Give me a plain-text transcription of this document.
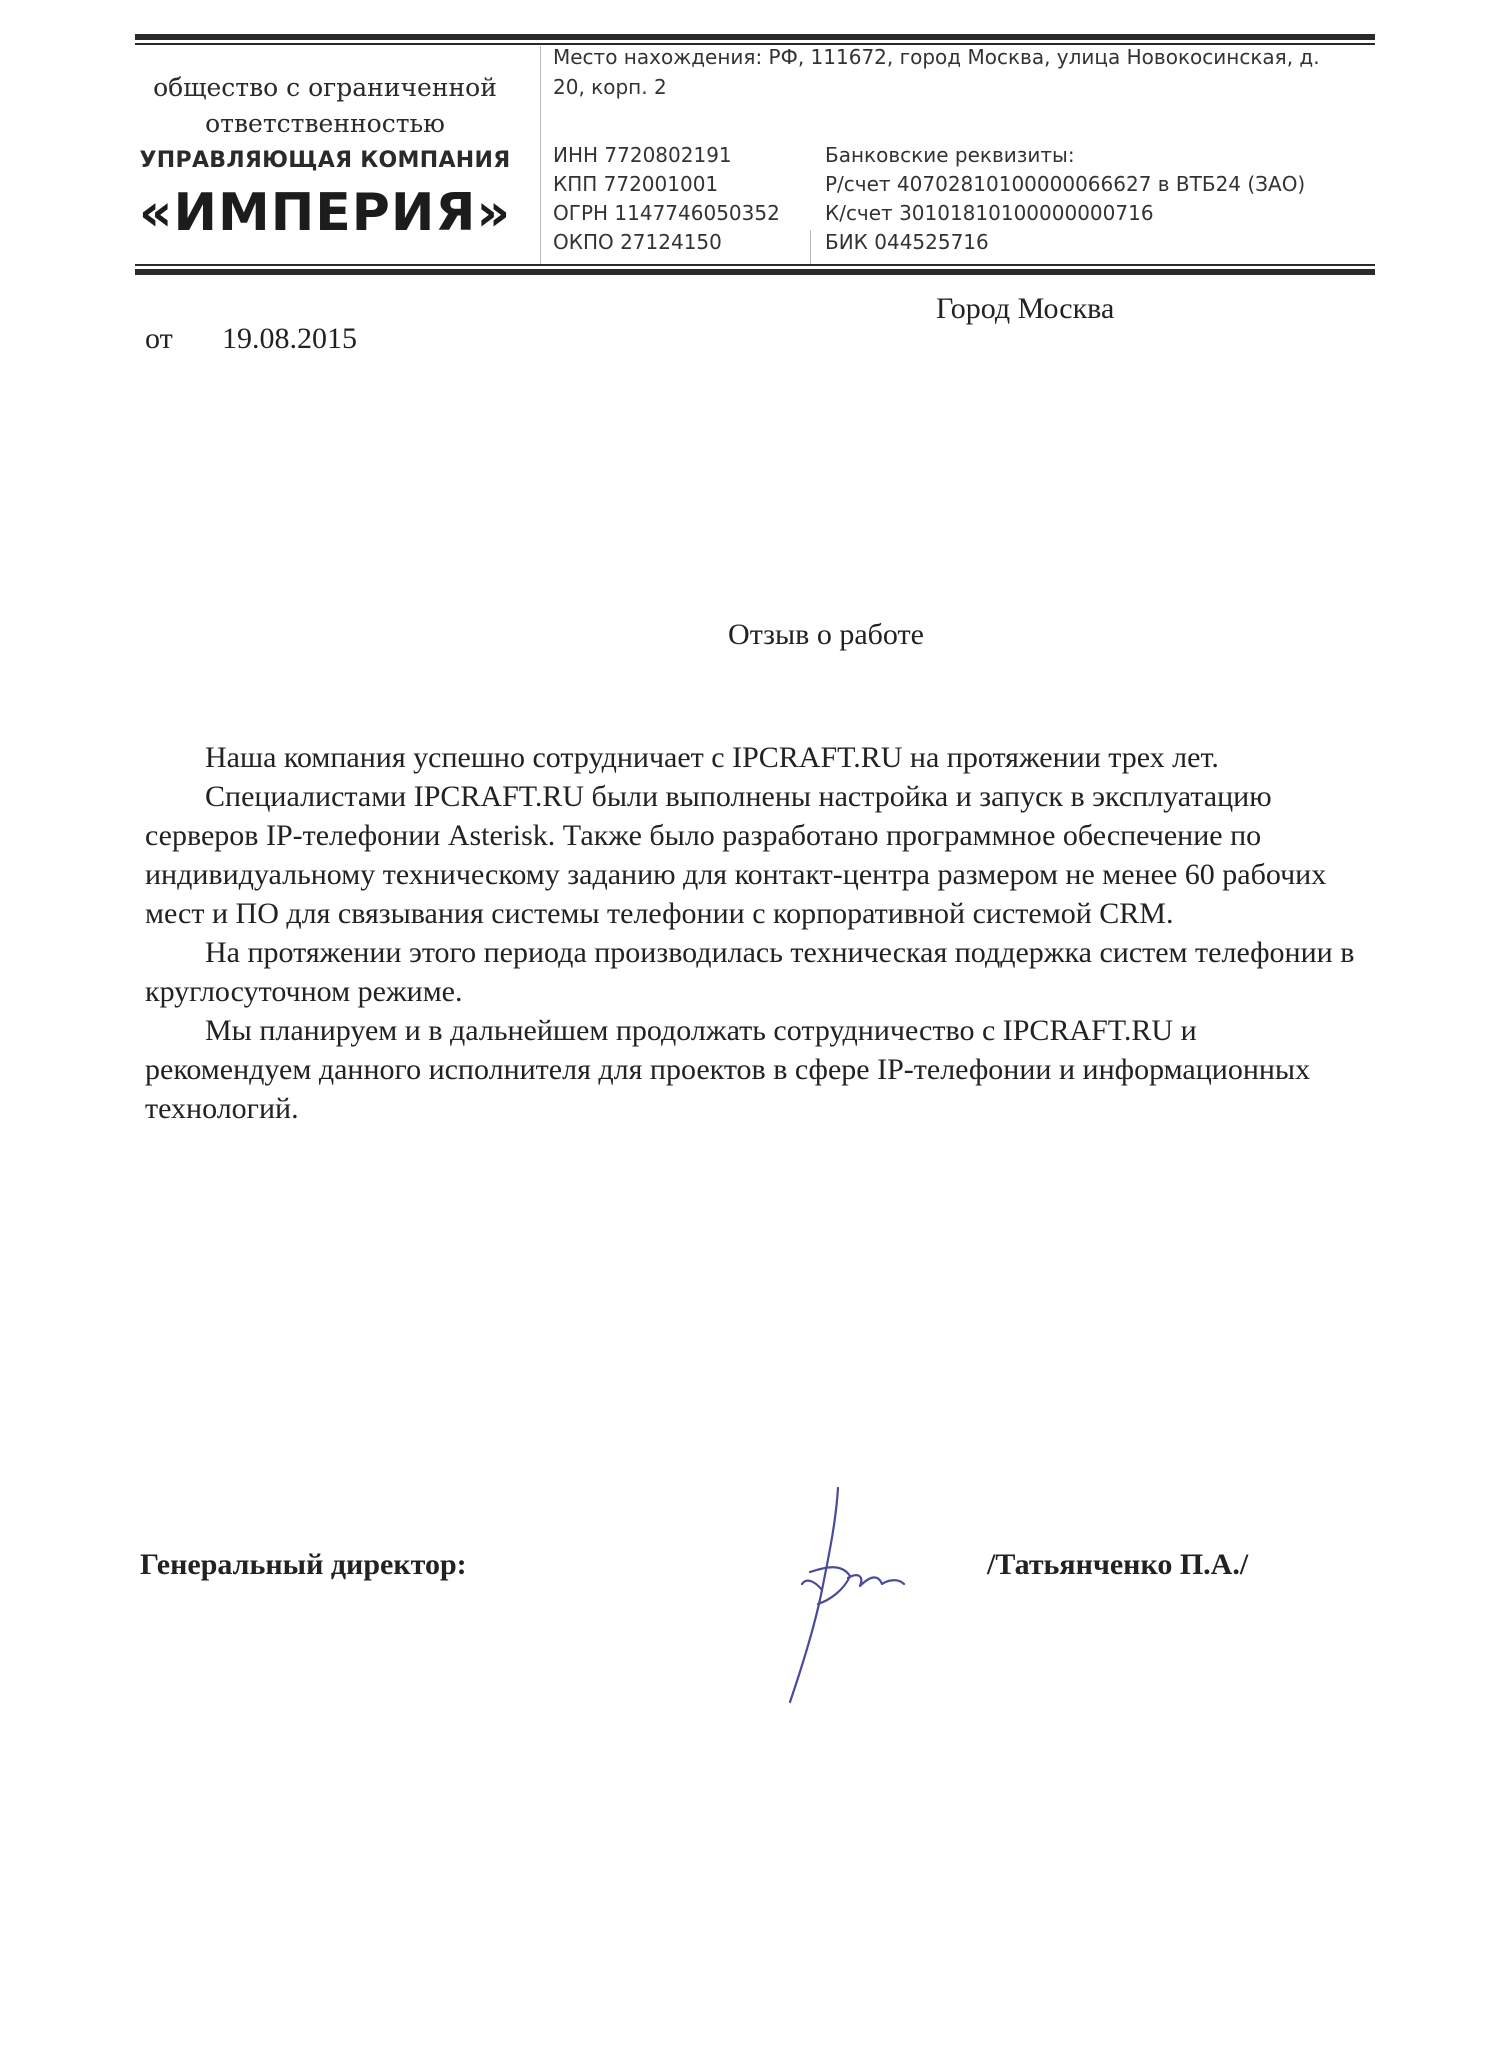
общество с ограниченной
ответственностью
УПРАВЛЯЮЩАЯ КОМПАНИЯ
«ИМПЕРИЯ»
Место нахождения: РФ, 111672, город Москва, улица Новокосинская, д. 20, корп. 2
ИНН 7720802191
КПП 772001001
ОГРН 1147746050352
ОКПО 27124150
Банковские реквизиты:
Р/счет 40702810100000066627 в ВТБ24 (ЗАО)
К/счет 30101810100000000716
БИК 044525716
от 19.08.2015
Город Москва
Отзыв о работе

Наша компания успешно сотрудничает с IPCRAFT.RU на протяжении трех лет.

Специалистами IPCRAFT.RU были выполнены настройка и запуск в эксплуатацию серверов IP-телефонии Asterisk. Также было разработано программное обеспечение по индивидуальному техническому заданию для контакт-центра размером не менее 60 рабочих мест и ПО для связывания системы телефонии с корпоративной системой CRM.

На протяжении этого периода производилась техническая поддержка систем телефонии в круглосуточном режиме.

Мы планируем и в дальнейшем продолжать сотрудничество с IPCRAFT.RU и рекомендуем данного исполнителя для проектов в сфере IP-телефонии и информационных технологий.

Генеральный директор:	/Татьянченко П.А./
